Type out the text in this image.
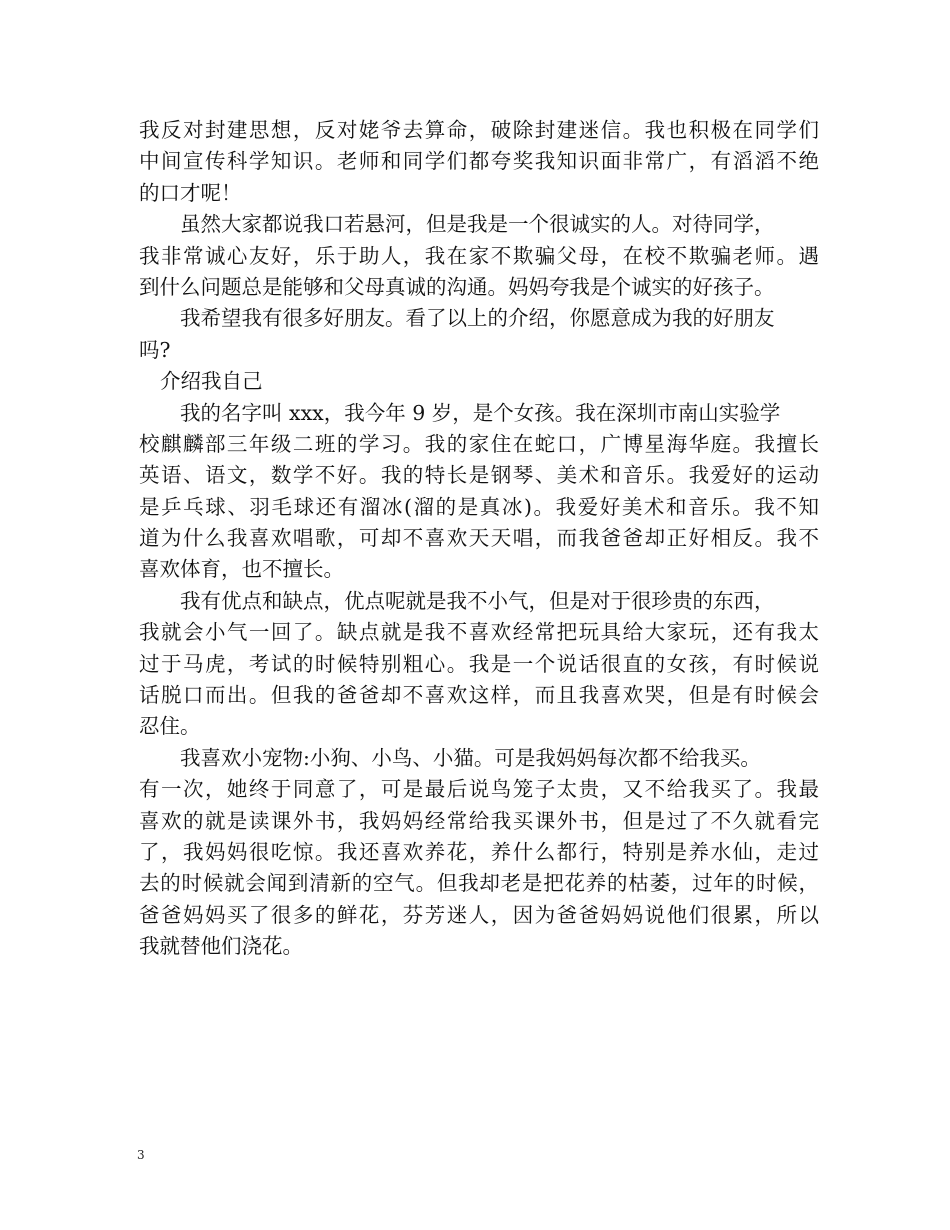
我反对封建思想，反对姥爷去算命，破除封建迷信。我也积极在同学们
中间宣传科学知识。老师和同学们都夸奖我知识面非常广，有滔滔不绝
的口才呢！
虽然大家都说我口若悬河，但是我是一个很诚实的人。对待同学，
我非常诚心友好，乐于助人，我在家不欺骗父母，在校不欺骗老师。遇
到什么问题总是能够和父母真诚的沟通。妈妈夸我是个诚实的好孩子。
我希望我有很多好朋友。看了以上的介绍，你愿意成为我的好朋友
吗?
介绍我自己
我的名字叫 xxx，我今年 9 岁，是个女孩。我在深圳市南山实验学
校麒麟部三年级二班的学习。我的家住在蛇口，广博星海华庭。我擅长
英语、语文，数学不好。我的特长是钢琴、美术和音乐。我爱好的运动
是乒乓球、羽毛球还有溜冰(溜的是真冰)。我爱好美术和音乐。我不知
道为什么我喜欢唱歌，可却不喜欢天天唱，而我爸爸却正好相反。我不
喜欢体育，也不擅长。
我有优点和缺点，优点呢就是我不小气，但是对于很珍贵的东西，
我就会小气一回了。缺点就是我不喜欢经常把玩具给大家玩，还有我太
过于马虎，考试的时候特别粗心。我是一个说话很直的女孩，有时候说
话脱口而出。但我的爸爸却不喜欢这样，而且我喜欢哭，但是有时候会
忍住。
我喜欢小宠物:小狗、小鸟、小猫。可是我妈妈每次都不给我买。
有一次，她终于同意了，可是最后说鸟笼子太贵，又不给我买了。我最
喜欢的就是读课外书，我妈妈经常给我买课外书，但是过了不久就看完
了，我妈妈很吃惊。我还喜欢养花，养什么都行，特别是养水仙，走过
去的时候就会闻到清新的空气。但我却老是把花养的枯萎，过年的时候，
爸爸妈妈买了很多的鲜花，芬芳迷人，因为爸爸妈妈说他们很累，所以
我就替他们浇花。
3
